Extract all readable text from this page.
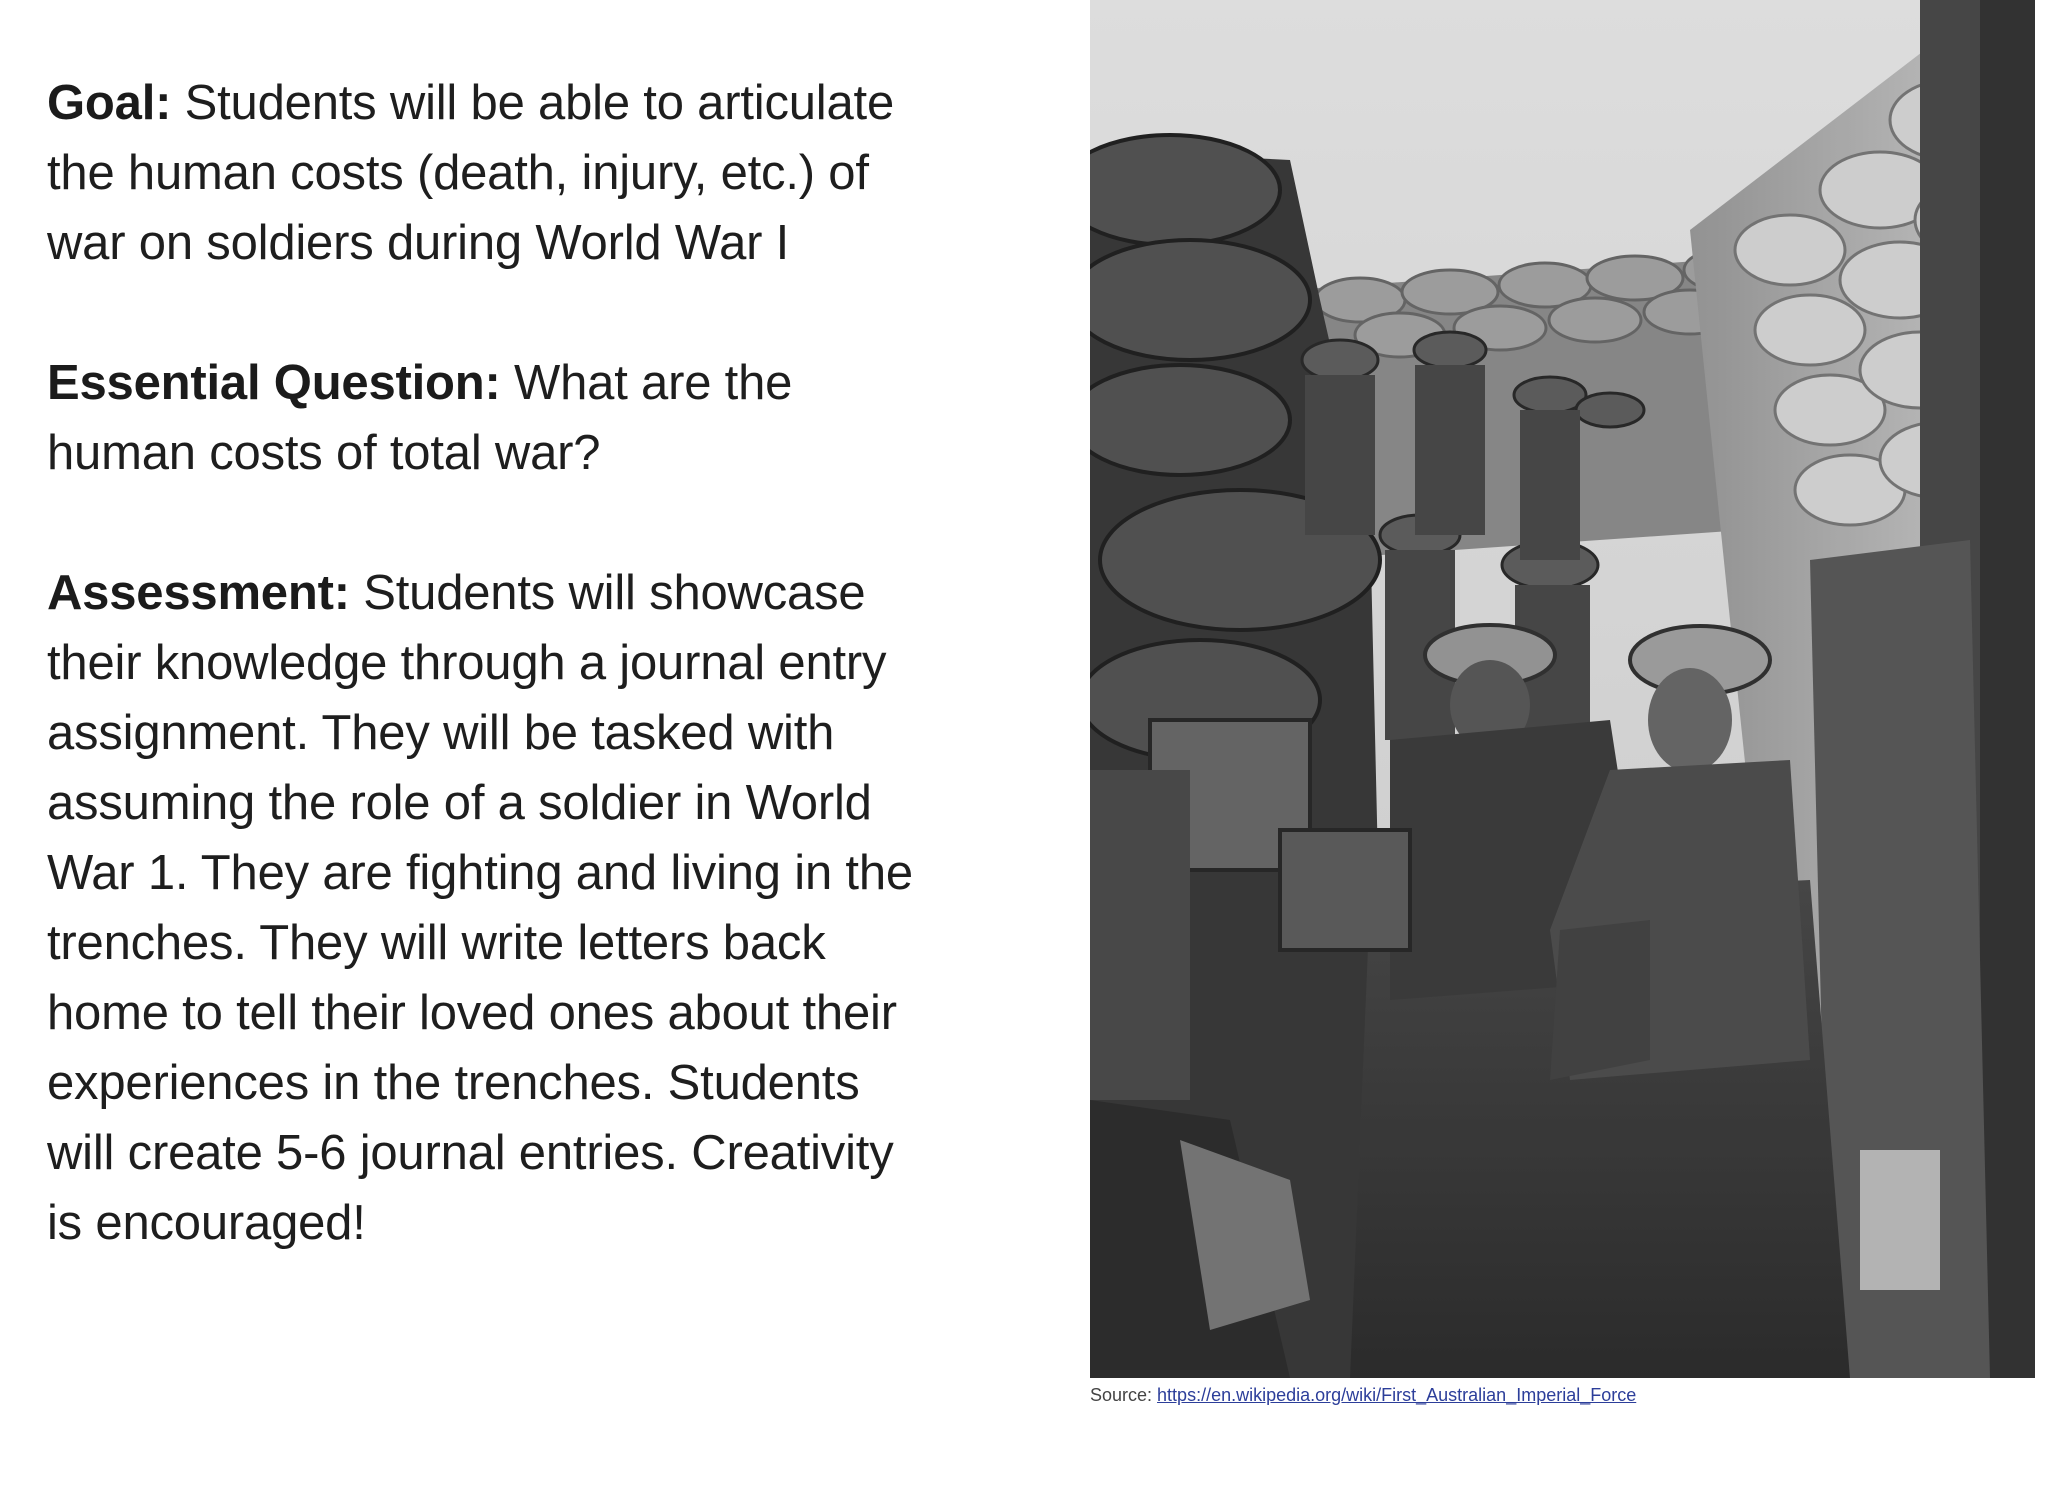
Goal: Students will be able to articulate the human costs (death, injury, etc.) of war on soldiers during World War I

Essential Question: What are the human costs of total war?

Assessment: Students will showcase their knowledge through a journal entry assignment. They will be tasked with assuming the role of a soldier in World War 1. They are fighting and living in the trenches. They will write letters back home to tell their loved ones about their experiences in the trenches. Students will create 5-6 journal entries. Creativity is encouraged!

Source: https://en.wikipedia.org/wiki/First_Australian_Imperial_Force
